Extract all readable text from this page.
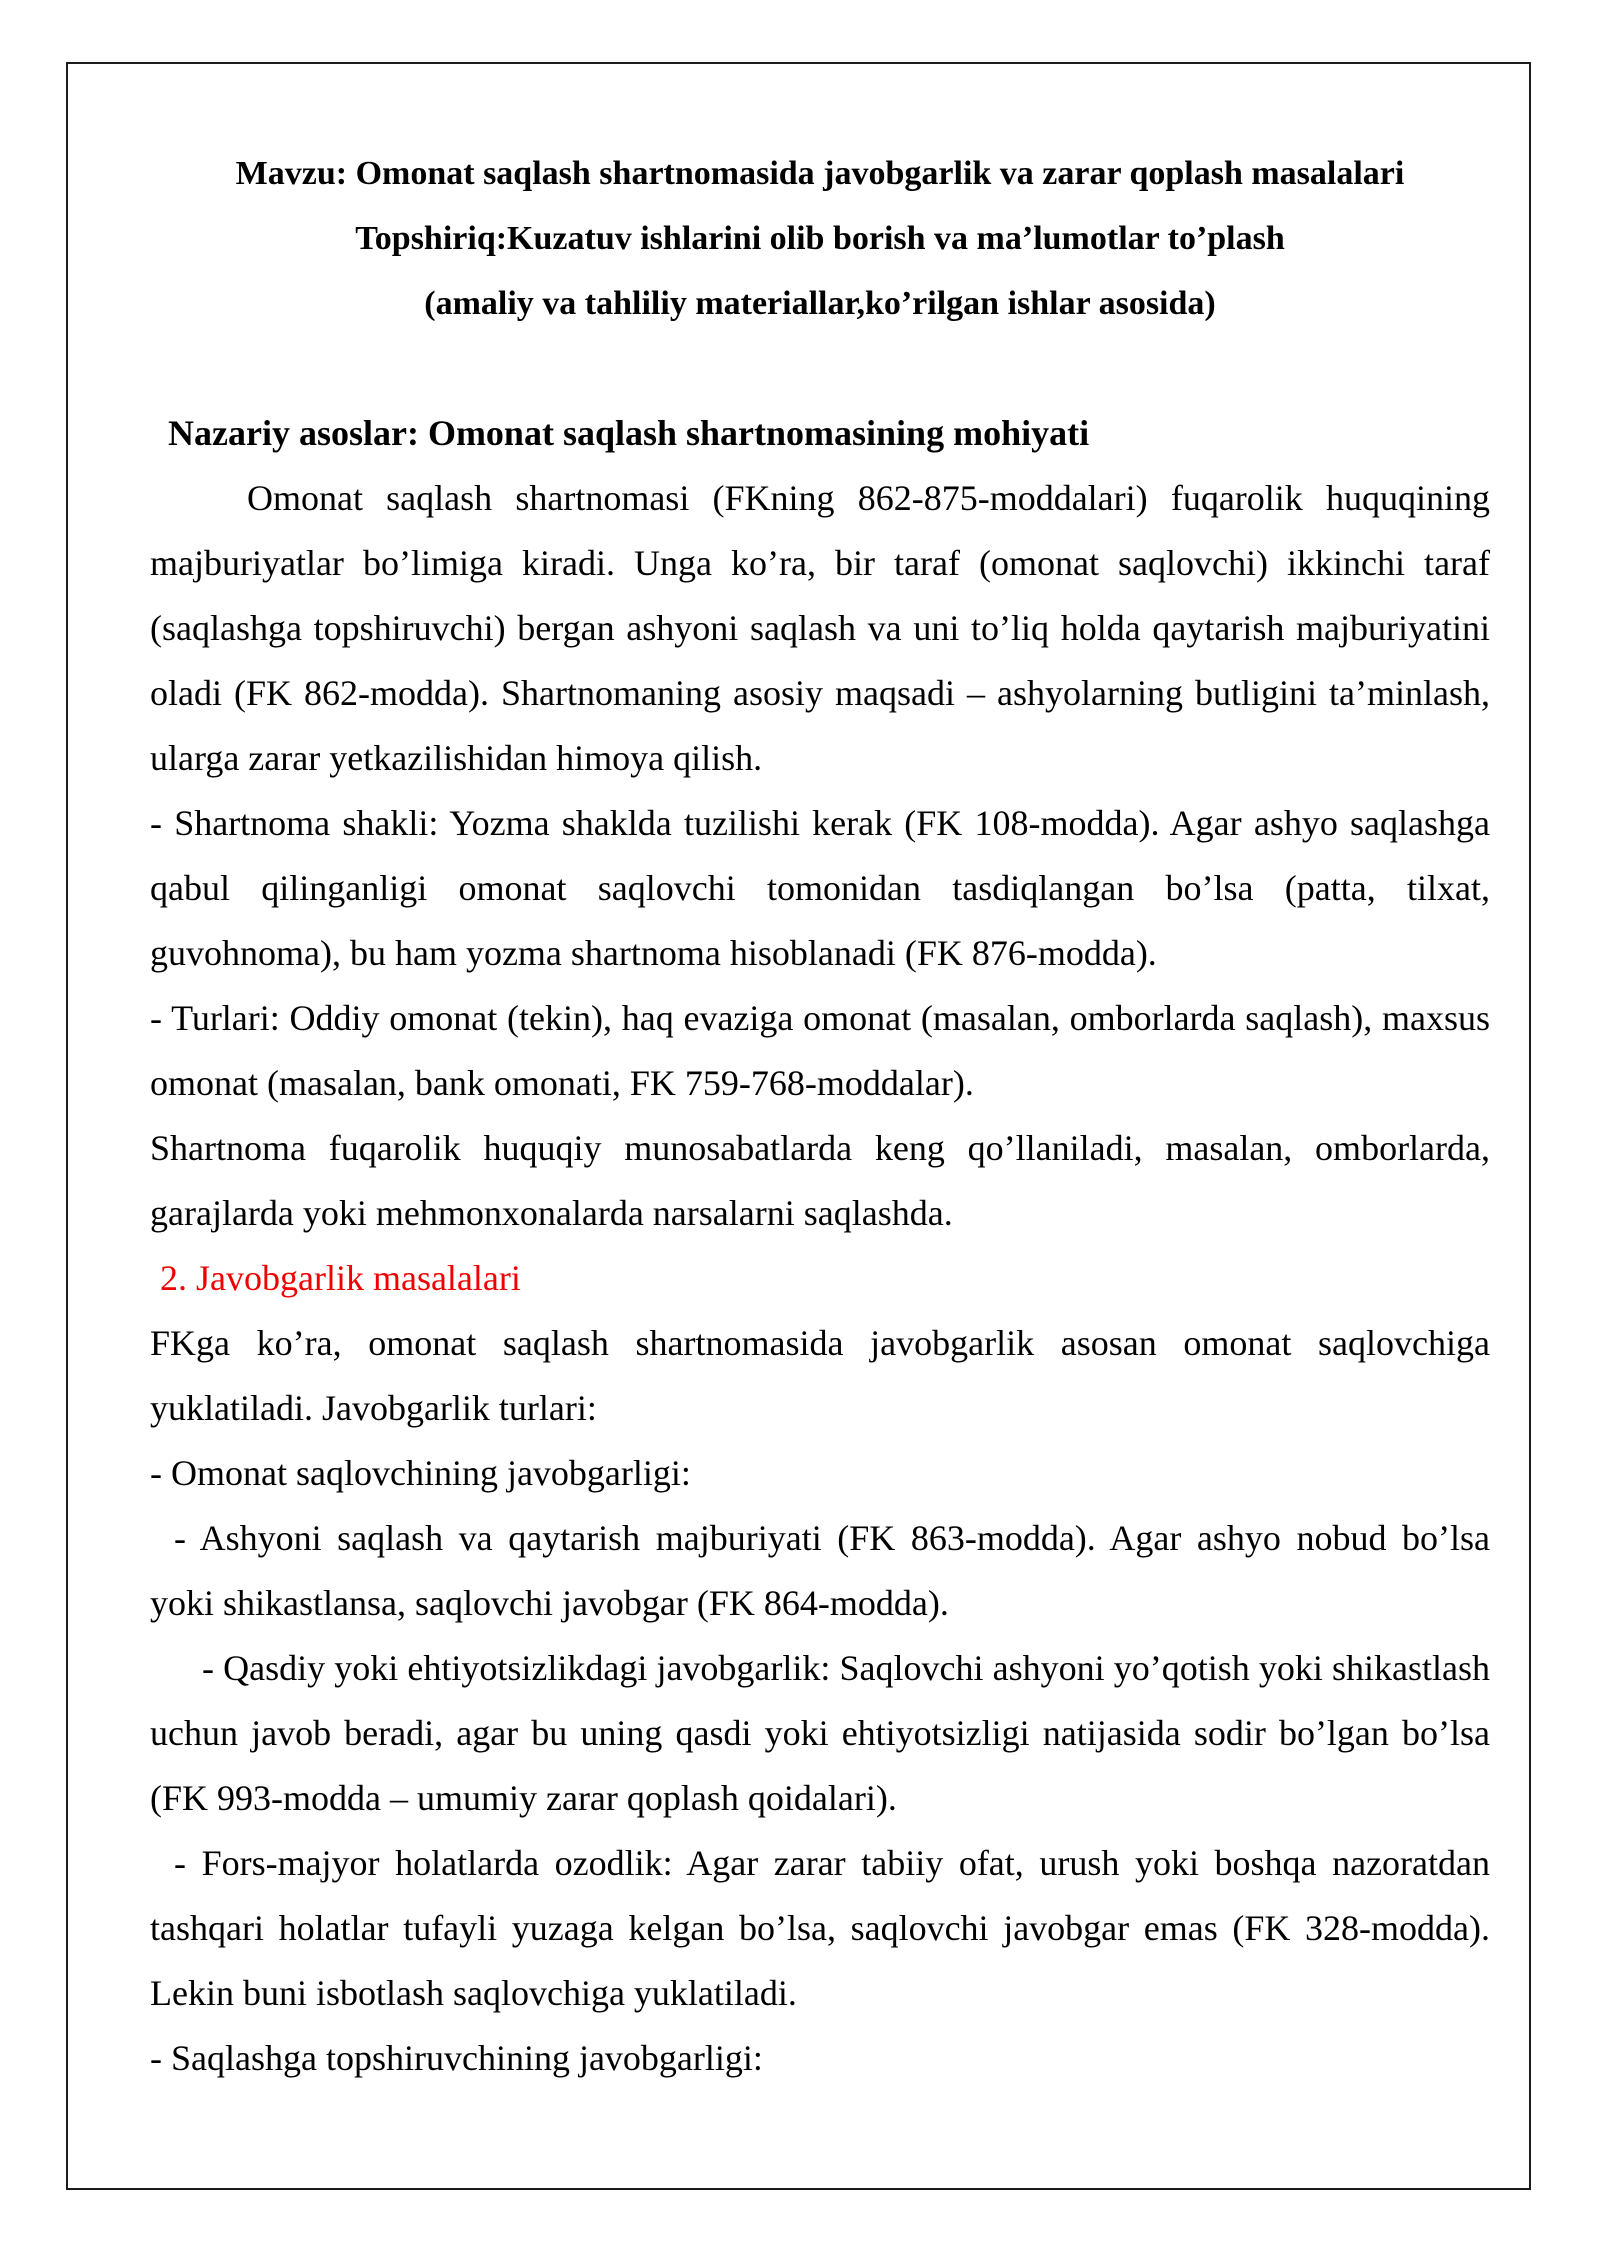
Mavzu: Omonat saqlash shartnomasida javobgarlik va zarar qoplash masalalari
Topshiriq:Kuzatuv ishlarini olib borish va ma’lumotlar to’plash
(amaliy va tahliliy materiallar,ko’rilgan ishlar asosida)
Nazariy asoslar: Omonat saqlash shartnomasining mohiyati

Omonat saqlash shartnomasi (FKning 862-875-moddalari) fuqarolik huquqining majburiyatlar bo’limiga kiradi. Unga ko’ra, bir taraf (omonat saqlovchi) ikkinchi taraf (saqlashga topshiruvchi) bergan ashyoni saqlash va uni to’liq holda qaytarish majburiyatini oladi (FK 862-modda). Shartnomaning asosiy maqsadi – ashyolarning butligini ta’minlash, ularga zarar yetkazilishidan himoya qilish.

- Shartnoma shakli: Yozma shaklda tuzilishi kerak (FK 108-modda). Agar ashyo saqlashga qabul qilinganligi omonat saqlovchi tomonidan tasdiqlangan bo’lsa (patta, tilxat, guvohnoma), bu ham yozma shartnoma hisoblanadi (FK 876-modda).

- Turlari: Oddiy omonat (tekin), haq evaziga omonat (masalan, omborlarda saqlash), maxsus omonat (masalan, bank omonati, FK 759-768-moddalar).

Shartnoma fuqarolik huquqiy munosabatlarda keng qo’llaniladi, masalan, omborlarda, garajlarda yoki mehmonxonalarda narsalarni saqlashda.

2. Javobgarlik masalalari

FKga ko’ra, omonat saqlash shartnomasida javobgarlik asosan omonat saqlovchiga yuklatiladi. Javobgarlik turlari:

- Omonat saqlovchining javobgarligi:

- Ashyoni saqlash va qaytarish majburiyati (FK 863-modda). Agar ashyo nobud bo’lsa yoki shikastlansa, saqlovchi javobgar (FK 864-modda).

- Qasdiy yoki ehtiyotsizlikdagi javobgarlik: Saqlovchi ashyoni yo’qotish yoki shikastlash uchun javob beradi, agar bu uning qasdi yoki ehtiyotsizligi natijasida sodir bo’lgan bo’lsa (FK 993-modda – umumiy zarar qoplash qoidalari).

- Fors-majyor holatlarda ozodlik: Agar zarar tabiiy ofat, urush yoki boshqa nazoratdan tashqari holatlar tufayli yuzaga kelgan bo’lsa, saqlovchi javobgar emas (FK 328-modda). Lekin buni isbotlash saqlovchiga yuklatiladi.

- Saqlashga topshiruvchining javobgarligi:
